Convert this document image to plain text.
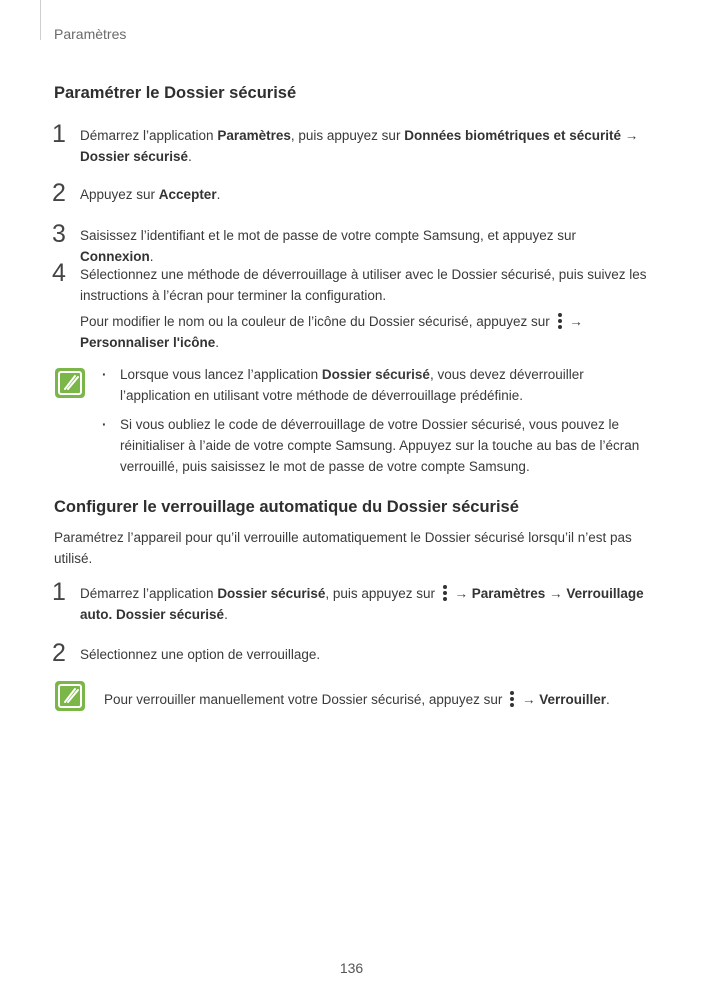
Paramètres
Paramétrer le Dossier sécurisé
1 Démarrez l’application Paramètres, puis appuyez sur Données biométriques et sécurité → Dossier sécurisé.

2 Appuyez sur Accepter.

3 Saisissez l’identifiant et le mot de passe de votre compte Samsung, et appuyez sur Connexion.

4 Sélectionnez une méthode de déverrouillage à utiliser avec le Dossier sécurisé, puis suivez les instructions à l’écran pour terminer la configuration.

Pour modifier le nom ou la couleur de l’icône du Dossier sécurisé, appuyez sur
→
Personnaliser l'icône.

· Lorsque vous lancez l’application Dossier sécurisé, vous devez déverrouiller l’application en utilisant votre méthode de déverrouillage prédéfinie.
· Si vous oubliez le code de déverrouillage de votre Dossier sécurisé, vous pouvez le réinitialiser à l’aide de votre compte Samsung. Appuyez sur la touche au bas de l’écran verrouillé, puis saisissez le mot de passe de votre compte Samsung.
Configurer le verrouillage automatique du Dossier sécurisé

Paramétrez l’appareil pour qu’il verrouille automatiquement le Dossier sécurisé lorsqu’il n’est pas utilisé.

1 Démarrez l’application Dossier sécurisé, puis appuyez sur
→ Paramètres → Verrouillage auto. Dossier sécurisé.

2 Sélectionnez une option de verrouillage.

Pour verrouiller manuellement votre Dossier sécurisé, appuyez sur
→ Verrouiller.

136
